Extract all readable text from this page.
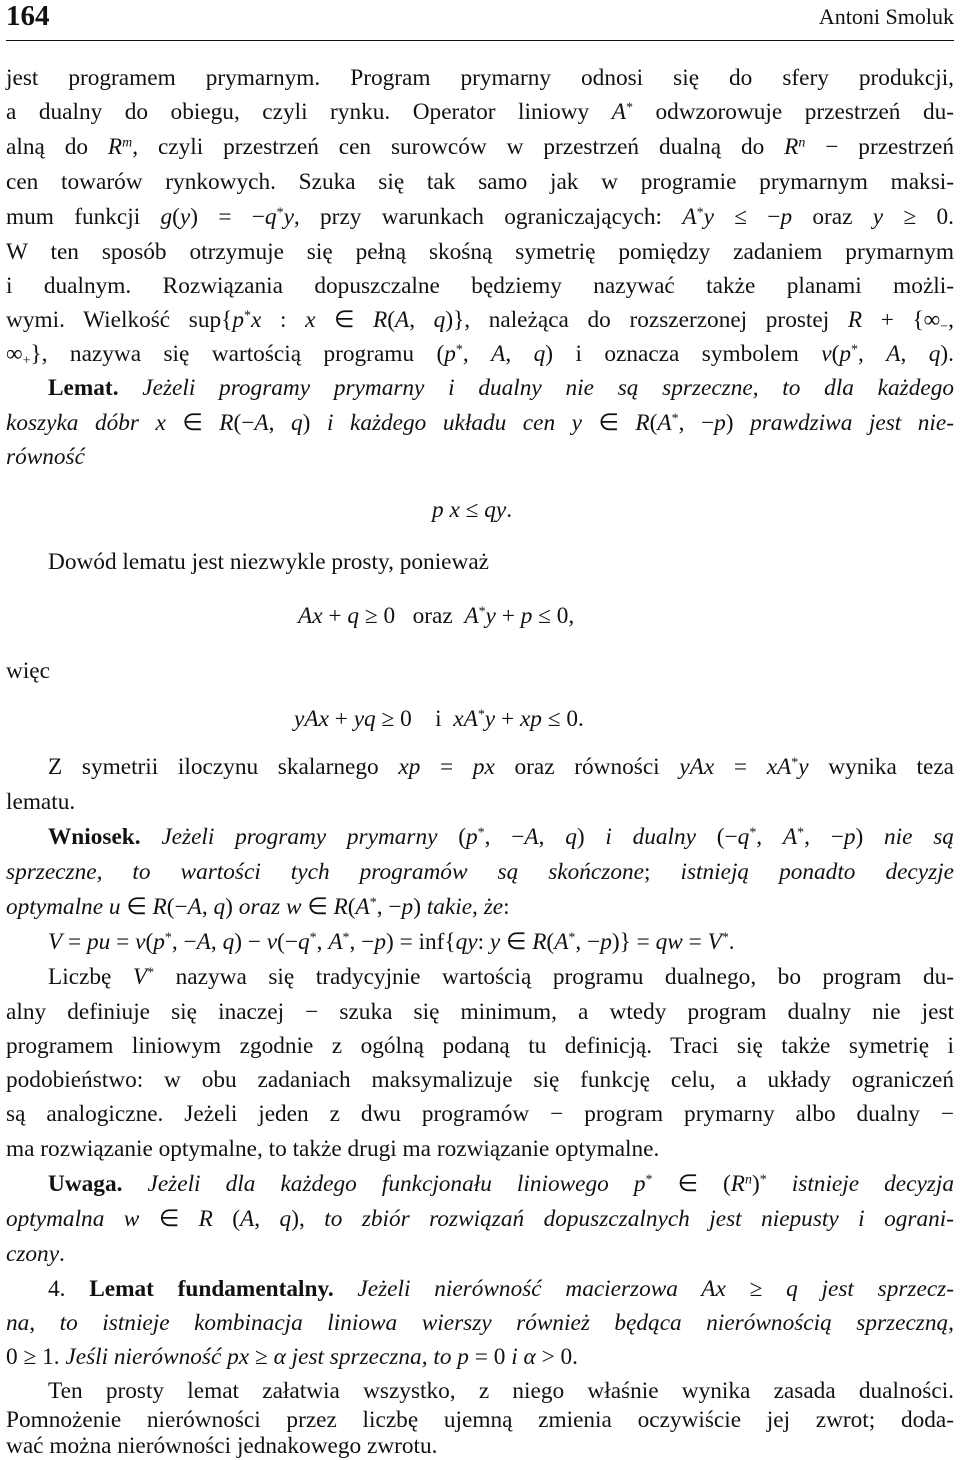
164	Antoni Smoluk
jest programem prymarnym. Program prymarny odnosi się do sfery produkcji,
a dualny do obiegu, czyli rynku. Operator liniowy A* odwzorowuje przestrzeń du-
alną do $R^m$, czyli przestrzeń cen surowców w przestrzeń dualną do $R^n$ − przestrzeń
cen towarów rynkowych. Szuka się tak samo jak w programie prymarnym maksi-
mum funkcji g(y) = −q*y, przy warunkach ograniczających: A*y ≤ −p oraz y ≥ 0.
W ten sposób otrzymuje się pełną skośną symetrię pomiędzy zadaniem prymarnym
i dualnym. Rozwiązania dopuszczalne będziemy nazywać także planami możli-
wymi. Wielkość sup{p*x : x ∈ R(A, q)}, należąca do rozszerzonej prostej $R + \{\infty_-$,
$\infty_+$}, nazywa się wartością programu (p*, A, q) i oznacza symbolem v(p*, A, q).
Lemat. Jeżeli programy prymarny i dualny nie są sprzeczne, to dla każdego
koszyka dóbr x ∈ R(−A, q) i każdego układu cen y ∈ R(A*, −p) prawdziwa jest nie-
równość
p x ≤ qy.
Dowód lematu jest niezwykle prosty, ponieważ
Ax + q ≥ 0   oraz  A*y + p ≤ 0,
więc
yAx + yq ≥ 0    i  xA*y + xp ≤ 0.
Z symetrii iloczynu skalarnego xp = px oraz równości yAx = xA*y wynika teza
lematu.
Wniosek. Jeżeli programy prymarny (p*, −A, q) i dualny (−q*, A*, −p) nie są
sprzeczne, to wartości tych programów są skończone; istnieją ponadto decyzje
optymalne u ∈ R(−A, q) oraz w ∈ R(A*, −p) takie, że:
V = pu = v(p*, −A, q) − v(−q*, A*, −p) = inf{qy: y ∈ R(A*, −p)} = qw = V*.
Liczbę V* nazywa się tradycyjnie wartością programu dualnego, bo program du-
alny definiuje się inaczej − szuka się minimum, a wtedy program dualny nie jest
programem liniowym zgodnie z ogólną podaną tu definicją. Traci się także symetrię i
podobieństwo: w obu zadaniach maksymalizuje się funkcję celu, a układy ograniczeń
są analogiczne. Jeżeli jeden z dwu programów − program prymarny albo dualny −
ma rozwiązanie optymalne, to także drugi ma rozwiązanie optymalne.
Uwaga. Jeżeli dla każdego funkcjonału liniowego p* ∈ $(R^n)^*$ istnieje decyzja
optymalna w ∈ R (A, q), to zbiór rozwiązań dopuszczalnych jest niepusty i ograni-
czony.
4. Lemat fundamentalny. Jeżeli nierówność macierzowa Ax ≥ q jest sprzecz-
na, to istnieje kombinacja liniowa wierszy również będąca nierównością sprzeczną,
0 ≥ 1. Jeśli nierówność px ≥ α jest sprzeczna, to p = 0 i α > 0.
Ten prosty lemat załatwia wszystko, z niego właśnie wynika zasada dualności.
Pomnożenie nierówności przez liczbę ujemną zmienia oczywiście jej zwrot; doda-
wać można nierówności jednakowego zwrotu.
